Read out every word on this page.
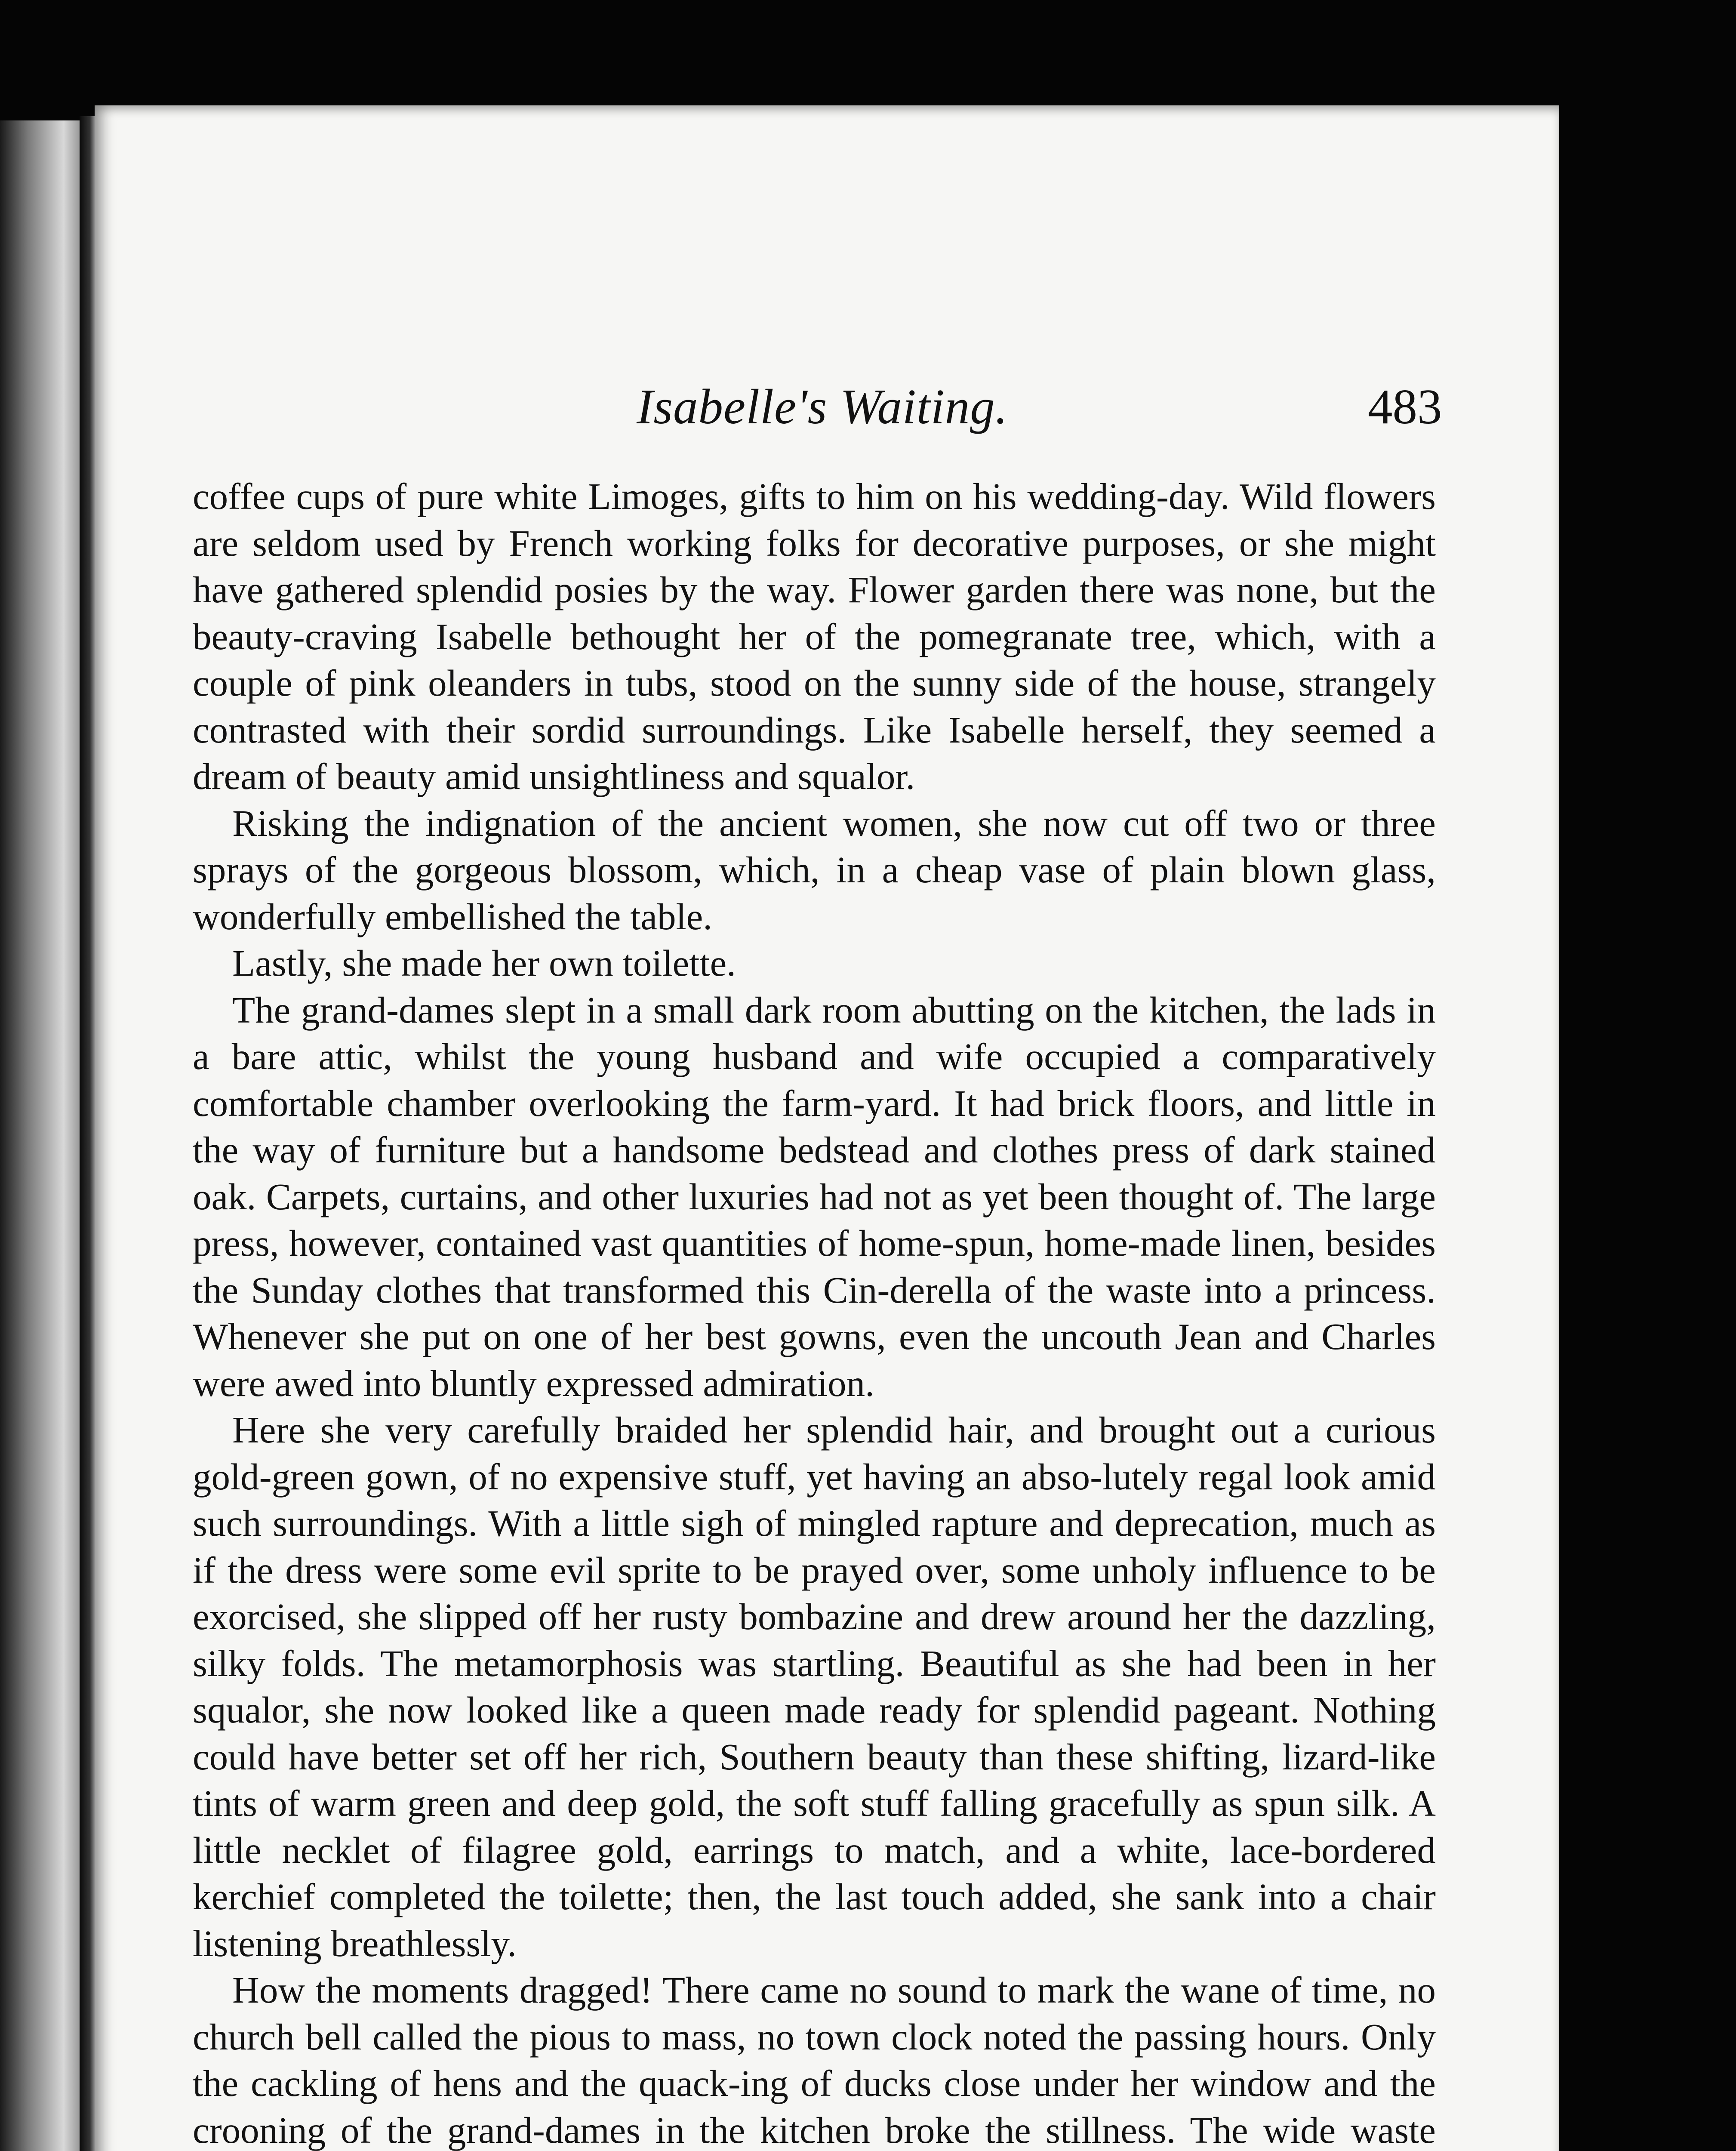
Isabelle's Waiting.	483

coffee cups of pure white Limoges, gifts to him on his wedding-day. Wild flowers are seldom used by French working folks for decorative purposes, or she might have gathered splendid posies by the way. Flower garden there was none, but the beauty-craving Isabelle bethought her of the pomegranate tree, which, with a couple of pink oleanders in tubs, stood on the sunny side of the house, strangely contrasted with their sordid surroundings. Like Isabelle herself, they seemed a dream of beauty amid unsightliness and squalor.

Risking the indignation of the ancient women, she now cut off two or three sprays of the gorgeous blossom, which, in a cheap vase of plain blown glass, wonderfully embellished the table.

Lastly, she made her own toilette.

The grand-dames slept in a small dark room abutting on the kitchen, the lads in a bare attic, whilst the young husband and wife occupied a comparatively comfortable chamber overlooking the farm-yard. It had brick floors, and little in the way of furniture but a handsome bedstead and clothes press of dark stained oak. Carpets, curtains, and other luxuries had not as yet been thought of. The large press, however, contained vast quantities of home-spun, home-made linen, besides the Sunday clothes that transformed this Cin-derella of the waste into a princess. Whenever she put on one of her best gowns, even the uncouth Jean and Charles were awed into bluntly expressed admiration.

Here she very carefully braided her splendid hair, and brought out a curious gold-green gown, of no expensive stuff, yet having an abso-lutely regal look amid such surroundings. With a little sigh of mingled rapture and deprecation, much as if the dress were some evil sprite to be prayed over, some unholy influence to be exorcised, she slipped off her rusty bombazine and drew around her the dazzling, silky folds. The metamorphosis was startling. Beautiful as she had been in her squalor, she now looked like a queen made ready for splendid pageant. Nothing could have better set off her rich, Southern beauty than these shifting, lizard-like tints of warm green and deep gold, the soft stuff falling gracefully as spun silk. A little necklet of filagree gold, earrings to match, and a white, lace-bordered kerchief completed the toilette; then, the last touch added, she sank into a chair listening breathlessly.

How the moments dragged! There came no sound to mark the wane of time, no church bell called the pious to mass, no town clock noted the passing hours. Only the cackling of hens and the quack-ing of ducks close under her window and the crooning of the grand-dames in the kitchen broke the stillness. The wide waste
